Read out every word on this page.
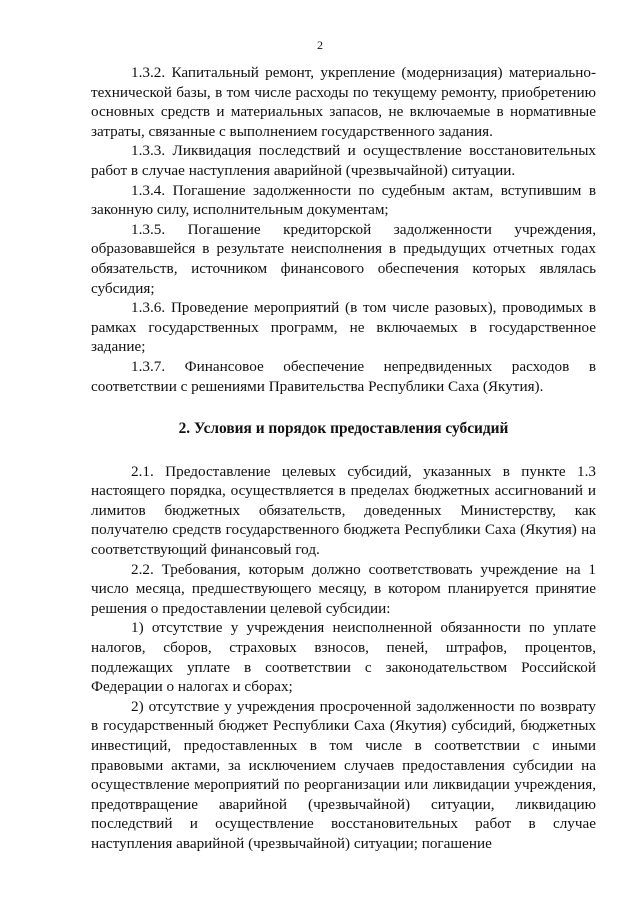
2

1.3.2. Капитальный ремонт, укрепление (модернизация) материально-технической базы, в том числе расходы по текущему ремонту, приобретению основных средств и материальных запасов, не включаемые в нормативные затраты, связанные с выполнением государственного задания.

1.3.3. Ликвидация последствий и осуществление восстановительных работ в случае наступления аварийной (чрезвычайной) ситуации.

1.3.4. Погашение задолженности по судебным актам, вступившим в законную силу, исполнительным документам;

1.3.5. Погашение кредиторской задолженности учреждения, образовавшейся в результате неисполнения в предыдущих отчетных годах обязательств, источником финансового обеспечения которых являлась субсидия;

1.3.6. Проведение мероприятий (в том числе разовых), проводимых в рамках государственных программ, не включаемых в государственное задание;

1.3.7. Финансовое обеспечение непредвиденных расходов в соответствии с решениями Правительства Республики Саха (Якутия).

2. Условия и порядок предоставления субсидий

2.1. Предоставление целевых субсидий, указанных в пункте 1.3 настоящего порядка, осуществляется в пределах бюджетных ассигнований и лимитов бюджетных обязательств, доведенных Министерству, как получателю средств государственного бюджета Республики Саха (Якутия) на соответствующий финансовый год.

2.2. Требования, которым должно соответствовать учреждение на 1 число месяца, предшествующего месяцу, в котором планируется принятие решения о предоставлении целевой субсидии:

1) отсутствие у учреждения неисполненной обязанности по уплате налогов, сборов, страховых взносов, пеней, штрафов, процентов, подлежащих уплате в соответствии с законодательством Российской Федерации о налогах и сборах;

2) отсутствие у учреждения просроченной задолженности по возврату в государственный бюджет Республики Саха (Якутия) субсидий, бюджетных инвестиций, предоставленных в том числе в соответствии с иными правовыми актами, за исключением случаев предоставления субсидии на осуществление мероприятий по реорганизации или ликвидации учреждения, предотвращение аварийной (чрезвычайной) ситуации, ликвидацию последствий и осуществление восстановительных работ в случае наступления аварийной (чрезвычайной) ситуации; погашение
